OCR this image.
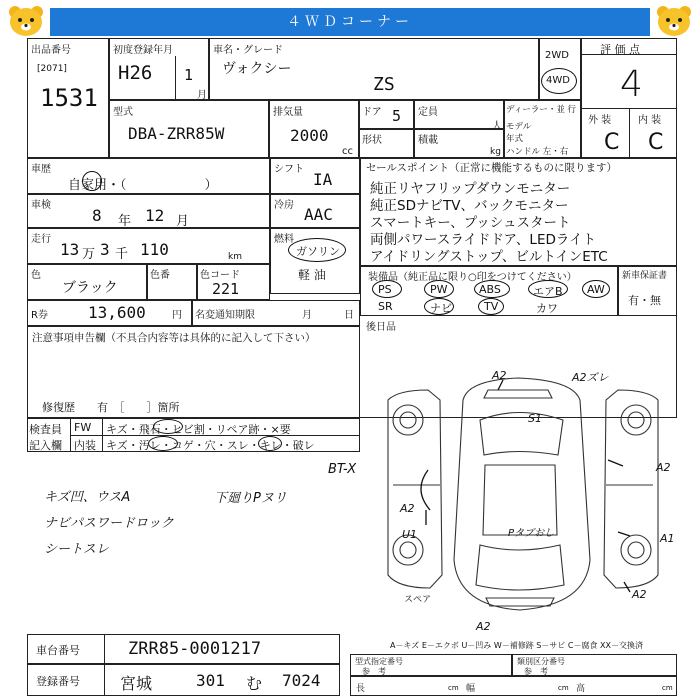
４ＷＤコーナー
出品番号
[2071]
1531
初度登録年月
H26 1
月
車名・グレード
ヴォクシー
ZS
2WD
4WD
評 価 点
4
外 装	内 装
C C
型式
DBA-ZRR85W
排気量
2000
cc
ドア 5
形状
定員
人
積載
kg
ディーラー・並 行
モデル
年式
ハンドル 左・右
車歴
自家用・（　　　　　　）
シフト
IA
車検
8 年 12 月
冷房 AAC
走行
13 万 3 千 110	km
燃料
ガソリン
軽 油
色
ブラック
色番	色コード
221
R券	13,600	円 名変通知期限	月	日
セールスポイント（正常に機能するものに限ります）
純正リヤフリップダウンモニター
純正SDナビTV、バックモニター
スマートキー、プッシュスタート
両側パワースライドドア、LEDライト
アイドリングストップ、ビルトインETC
装備品（純正品に限り○印をつけてください）	新車保証書
有・無
PS	PW	ABS	エアB AW
SR	ナビ	TV	カワ
後日品
注意事項申告欄（不具合内容等は具体的に記入して下さい）
修復歴　　有　［　　］箇所
検査員
記入欄
FW
内装
キズ・飛石・ヒビ割・リペア跡・×要
キズ・汚レ・コゲ・穴・スレ・キレ・破レ
BT-X
キズ凹、ウスA
ナビパスワードロック
シートスレ
下廻りPヌリ
A2	A2ズレ
S1
A2
A2
U1	Pタブおし	A1
A2
A2
スペア
A－キズ E－エクボ U－凹み W－補修跡 S－サビ C－腐食 XX－交換済
車台番号	ZRR85-0001217
登録番号	宮城	301 む 7024
型式指定番号
参　考
類別区分番号
参　考
長	cm 幅	cm 高	cm
